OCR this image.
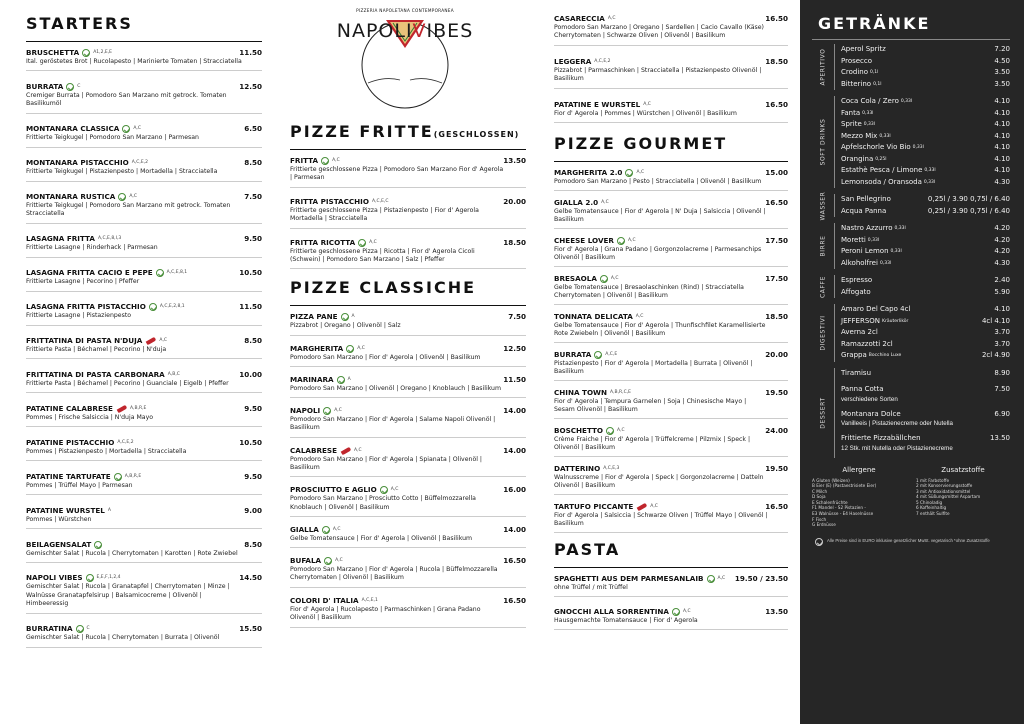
STARTERS
BRUSCHETTA	A1,2,E,E	11.50
Ital. geröstetes Brot | Rucolapesto | Marinierte Tomaten | Stracciatella
BURRATA	C	12.50
Cremiger Burrata | Pomodoro San Marzano mit getrock. Tomaten Basilikumöl
MONTANARA CLASSICA	A,C	6.50
Frittierte Teigkugel | Pomodoro San Marzano | Parmesan
MONTANARA PISTACCHIO A,C,E,2	8.50
Frittierte Teigkugel | Pistazienpesto | Mortadella | Stracciatella
MONTANARA RUSTICA	A,C	7.50
Frittierte Teigkugel | Pomodoro San Marzano mit getrock. Tomaten Stracciatella
LASAGNA FRITTA A,C,E,8,I,3	9.50
Frittierte Lasagne | Rinderhack | Parmesan
LASAGNA FRITTA CACIO E PEPE	A,C,E,8,1	10.50
Frittierte Lasagne | Pecorino | Pfeffer
LASAGNA FRITTA PISTACCHIO	A,C,E,2,8,1	11.50
Frittierte Lasagne | Pistazienpesto
FRITTATINA DI PASTA N'DUJA	A,C	8.50
Frittierte Pasta | Béchamel | Pecorino | N'duja
FRITTATINA DI PASTA CARBONARA A,B,C	10.00
Frittierte Pasta | Béchamel | Pecorino | Guanciale | Eigelb | Pfeffer
PATATINE CALABRESE	A,B,R,E	9.50
Pommes | Frische Salsiccia | N'duja Mayo
PATATINE PISTACCHIO A,C,E,2	10.50
Pommes | Pistazienpesto | Mortadella | Stracciatella
PATATINE TARTUFATE	A,B,R,E	9.50
Pommes | Trüffel Mayo | Parmesan
PATATINE WURSTEL A	9.00
Pommes | Würstchen
BEILAGENSALAT	8.50
Gemischter Salat | Rucola | Cherrytomaten | Karotten | Rote Zwiebel
NAPOLI VIBES	E,E,F,1,2,4	14.50
Gemischter Salat | Rucola | Granatapfel | Cherrytomaten | Minze | Walnüsse Granatapfelsirup | Balsamicocreme | Olivenöl | Himbeeressig
BURRATINA	C	15.50
Gemischter Salat | Rucola | Cherrytomaten | Burrata | Olivenöl
PIZZERIA NAPOLETANA CONTEMPORANEA
NAPOLIVIBES
PIZZE FRITTE(GESCHLOSSEN)
FRITTA	A,C	13.50
Frittierte geschlossene Pizza | Pomodoro San Marzano Fior d' Agerola | Parmesan
FRITTA PISTACCHIO A,C,E,C	20.00
Frittierte geschlossene Pizza | Pistazienpesto | Fior d' Agerola Mortadella | Stracciatella
FRITTA RICOTTA	A,C	18.50
Frittierte geschlossene Pizza | Ricotta | Fior d' Agerola Cicoli (Schwein) | Pomodoro San Marzano | Salz | Pfeffer
PIZZE CLASSICHE
PIZZA PANE	A	7.50
Pizzabrot | Oregano | Olivenöl | Salz
MARGHERITA	A,C	12.50
Pomodoro San Marzano | Fior d' Agerola | Olivenöl | Basilikum
MARINARA	A	11.50
Pomodoro San Marzano | Olivenöl | Oregano | Knoblauch | Basilikum
NAPOLI	A,C	14.00
Pomodoro San Marzano | Fior d' Agerola | Salame Napoli Olivenöl | Basilikum
CALABRESE	A,C	14.00
Pomodoro San Marzano | Fior d' Agerola | Spianata | Olivenöl | Basilikum
PROSCIUTTO E AGLIO	A,C	16.00
Pomodoro San Marzano | Prosciutto Cotto | Büffelmozzarella Knoblauch | Olivenöl | Basilikum
GIALLA	A,C	14.00
Gelbe Tomatensauce | Fior d' Agerola | Olivenöl | Basilikum
BUFALA	A,C	16.50
Pomodoro San Marzano | Fior d' Agerola | Rucola | Büffelmozzarella Cherrytomaten | Olivenöl | Basilikum
COLORI D' ITALIA A,C,E,1	16.50
Fior d' Agerola | Rucolapesto | Parmaschinken | Grana Padano Olivenöl | Basilikum
CASARECCIA A,C	16.50
Pomodoro San Marzano | Oregano | Sardellen | Cacio Cavallo (Käse) Cherrytomaten | Schwarze Oliven | Olivenöl | Basilikum
LEGGERA A,C,E,2	18.50
Pizzabrot | Parmaschinken | Stracciatella | Pistazienpesto Olivenöl | Basilikum
PATATINE E WURSTEL A,C	16.50
Fior d' Agerola | Pommes | Würstchen | Olivenöl | Basilikum
PIZZE GOURMET
MARGHERITA 2.0	A,C	15.00
Pomodoro San Marzano | Pesto | Stracciatella | Olivenöl | Basilikum
GIALLA 2.0 A,C	16.50
Gelbe Tomatensauce | Fior d' Agerola | N' Duja | Salsiccia | Olivenöl | Basilikum
CHEESE LOVER	A,C	17.50
Fior d' Agerola | Grana Padano | Gorgonzolacreme | Parmesanchips Olivenöl | Basilikum
BRESAOLA	A,C	17.50
Gelbe Tomatensauce | Bresaolaschinken (Rind) | Stracciatella Cherrytomaten | Olivenöl | Basilikum
TONNATA DELICATA A,C	18.50
Gelbe Tomatensauce | Fior d' Agerola | Thunfischfilet Karamellisierte Rote Zwiebeln | Olivenöl | Basilikum
BURRATA	A,C,E	20.00
Pistazienpesto | Fior d' Agerola | Mortadella | Burrata | Olivenöl | Basilikum
CHINA TOWN A,B,R,C,E	19.50
Fior d' Agerola | Tempura Garnelen | Soja | Chinesische Mayo | Sesam Olivenöl | Basilikum
BOSCHETTO	A,C	24.00
Crème Fraiche | Fior d' Agerola | Trüffelcreme | Pilzmix | Speck | Olivenöl | Basilikum
DATTERINO A,C,E,3	19.50
Walnusscreme | Fior d' Agerola | Speck | Gorgonzolacreme | Datteln Olivenöl | Basilikum
TARTUFO PICCANTE	A,C	16.50
Fior d' Agerola | Salsiccia | Schwarze Oliven | Trüffel Mayo | Olivenöl | Basilikum
PASTA
SPAGHETTI AUS DEM PARMESANLAIB	A,C 19.50 / 23.50
ohne Trüffel / mit Trüffel
GNOCCHI ALLA SORRENTINA	A,C	13.50
Hausgemachte Tomatensauce | Fior d' Agerola
GETRÄNKE
APERITIVO Aperol Spritz	7.20
Prosecco	4.50
Crodino 0,1l	3.50
Bitterino 0,1l	3.50
SOFT DRINKS
Coca Cola / Zero 0,33l	4.10
Fanta 0,33l	4.10
Sprite 0,33l	4.10
Mezzo Mix 0,33l	4.10
Apfelschorle Vio Bio 0,33l	4.10
Orangina 0,25l	4.10
Estathè Pesca / Limone 0,33l	4.10
Lemonsoda / Oransoda 0,33l	4.30
WASSER San Pellegrino	0,25l / 3.90 0,75l / 6.40
Acqua Panna	0,25l / 3.90 0,75l / 6.40
BIRRE
Nastro Azzurro 0,33l	4.20
Moretti 0,33l	4.20
Peroni Lemon 0,33l	4.20
Alkoholfrei 0,33l	4.30
CAFFE Espresso	2.40
Affogato	5.90
DIGESTIVI
Amaro Del Capo 4cl	4.10
JEFFERSON Kräuterlikör	4cl 4.10
Averna 2cl	3.70
Ramazzotti 2cl	3.70
Grappa Bocchino Luxe	2cl 4.90
DESSERT
Tiramisu	8.90
Panna Cotta	7.50
verschiedene Sorten
Montanara Dolce	6.90
Vanilleeis | Pistazienecreme oder Nutella
Frittierte Pizzabällchen	13.50
12 Stk. mit Nutella oder Pistazienecreme
Allergene
A Gluten (Weizen)
B Eier (E) (Pastaestrisiete Eier)
C Milch
D Soja
E Schalenfrüchte
F1 Mandel - S2 Pistazien -
E3 Walnüsse - E4 Haselnüsse
F Fisch
G Erdnüsse
Zusatzstoffe
1 mit Farbstoffe
2 mit Konservierungsstoffe
3 mit Antioxidationsmittel
4 mit Süßungsmittel Aspartam
5 Chinoladig
6 Koffeinhaltig
7 enthält Sulfite
Alle Preise sind in EURO inklusive gesetzlicher MwSt. vegetarisch *ohne Zusatzstoffe
